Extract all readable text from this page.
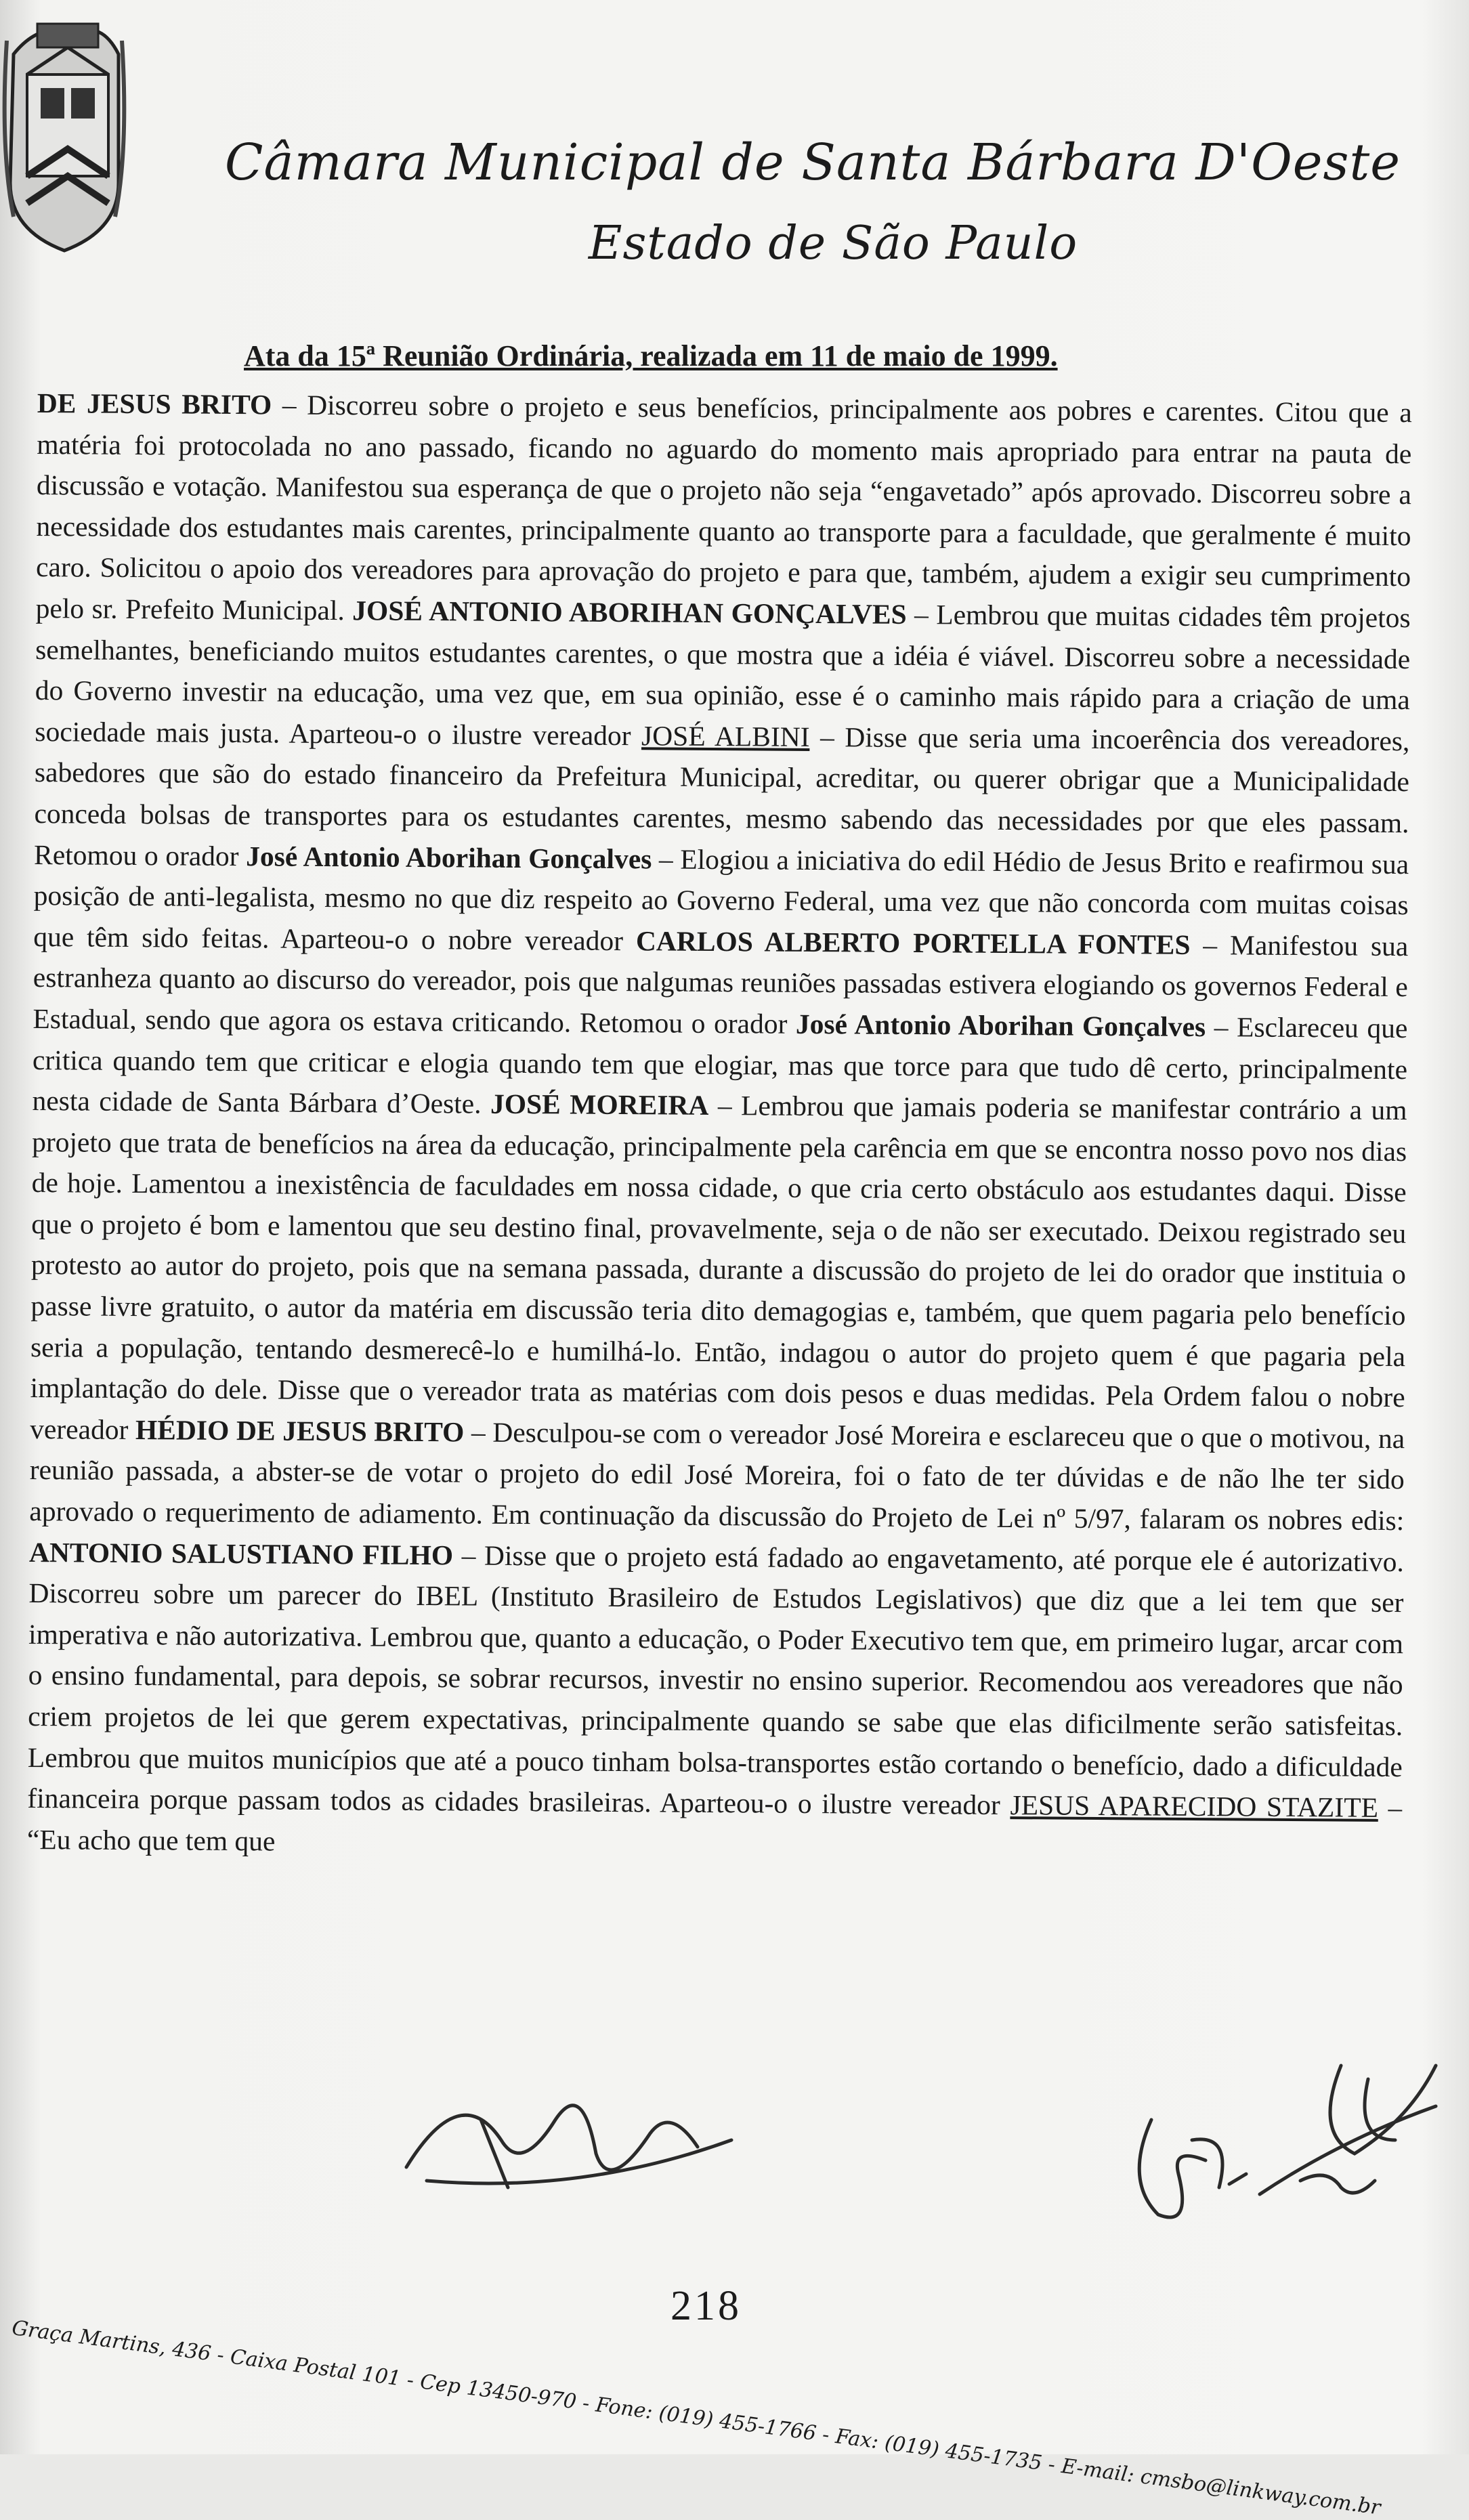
Câmara Municipal de Santa Bárbara D'Oeste
Estado de São Paulo
Ata da 15ª Reunião Ordinária, realizada em 11 de maio de 1999.

DE JESUS BRITO – Discorreu sobre o projeto e seus benefícios, principalmente aos pobres e carentes. Citou que a matéria foi protocolada no ano passado, ficando no aguardo do momento mais apropriado para entrar na pauta de discussão e votação. Manifestou sua esperança de que o projeto não seja “engavetado” após aprovado. Discorreu sobre a necessidade dos estudantes mais carentes, principalmente quanto ao transporte para a faculdade, que geralmente é muito caro. Solicitou o apoio dos vereadores para aprovação do projeto e para que, também, ajudem a exigir seu cumprimento pelo sr. Prefeito Municipal. JOSÉ ANTONIO ABORIHAN GONÇALVES – Lembrou que muitas cidades têm projetos semelhantes, beneficiando muitos estudantes carentes, o que mostra que a idéia é viável. Discorreu sobre a necessidade do Governo investir na educação, uma vez que, em sua opinião, esse é o caminho mais rápido para a criação de uma sociedade mais justa. Aparteou-o o ilustre vereador JOSÉ ALBINI – Disse que seria uma incoerência dos vereadores, sabedores que são do estado financeiro da Prefeitura Municipal, acreditar, ou querer obrigar que a Municipalidade conceda bolsas de transportes para os estudantes carentes, mesmo sabendo das necessidades por que eles passam. Retomou o orador José Antonio Aborihan Gonçalves – Elogiou a iniciativa do edil Hédio de Jesus Brito e reafirmou sua posição de anti-legalista, mesmo no que diz respeito ao Governo Federal, uma vez que não concorda com muitas coisas que têm sido feitas. Aparteou-o o nobre vereador CARLOS ALBERTO PORTELLA FONTES – Manifestou sua estranheza quanto ao discurso do vereador, pois que nalgumas reuniões passadas estivera elogiando os governos Federal e Estadual, sendo que agora os estava criticando. Retomou o orador José Antonio Aborihan Gonçalves – Esclareceu que critica quando tem que criticar e elogia quando tem que elogiar, mas que torce para que tudo dê certo, principalmente nesta cidade de Santa Bárbara d’Oeste. JOSÉ MOREIRA – Lembrou que jamais poderia se manifestar contrário a um projeto que trata de benefícios na área da educação, principalmente pela carência em que se encontra nosso povo nos dias de hoje. Lamentou a inexistência de faculdades em nossa cidade, o que cria certo obstáculo aos estudantes daqui. Disse que o projeto é bom e lamentou que seu destino final, provavelmente, seja o de não ser executado. Deixou registrado seu protesto ao autor do projeto, pois que na semana passada, durante a discussão do projeto de lei do orador que instituia o passe livre gratuito, o autor da matéria em discussão teria dito demagogias e, também, que quem pagaria pelo benefício seria a população, tentando desmerecê-lo e humilhá-lo. Então, indagou o autor do projeto quem é que pagaria pela implantação do dele. Disse que o vereador trata as matérias com dois pesos e duas medidas. Pela Ordem falou o nobre vereador HÉDIO DE JESUS BRITO – Desculpou-se com o vereador José Moreira e esclareceu que o que o motivou, na reunião passada, a abster-se de votar o projeto do edil José Moreira, foi o fato de ter dúvidas e de não lhe ter sido aprovado o requerimento de adiamento. Em continuação da discussão do Projeto de Lei nº 5/97, falaram os nobres edis: ANTONIO SALUSTIANO FILHO – Disse que o projeto está fadado ao engavetamento, até porque ele é autorizativo. Discorreu sobre um parecer do IBEL (Instituto Brasileiro de Estudos Legislativos) que diz que a lei tem que ser imperativa e não autorizativa. Lembrou que, quanto a educação, o Poder Executivo tem que, em primeiro lugar, arcar com o ensino fundamental, para depois, se sobrar recursos, investir no ensino superior. Recomendou aos vereadores que não criem projetos de lei que gerem expectativas, principalmente quando se sabe que elas dificilmente serão satisfeitas. Lembrou que muitos municípios que até a pouco tinham bolsa-transportes estão cortando o benefício, dado a dificuldade financeira porque passam todos as cidades brasileiras. Aparteou-o o ilustre vereador JESUS APARECIDO STAZITE – “Eu acho que tem que

218
Graça Martins, 436 - Caixa Postal 101 - Cep 13450-970 - Fone: (019) 455-1766 - Fax: (019) 455-1735 - E-mail: cmsbo@linkway.com.br
